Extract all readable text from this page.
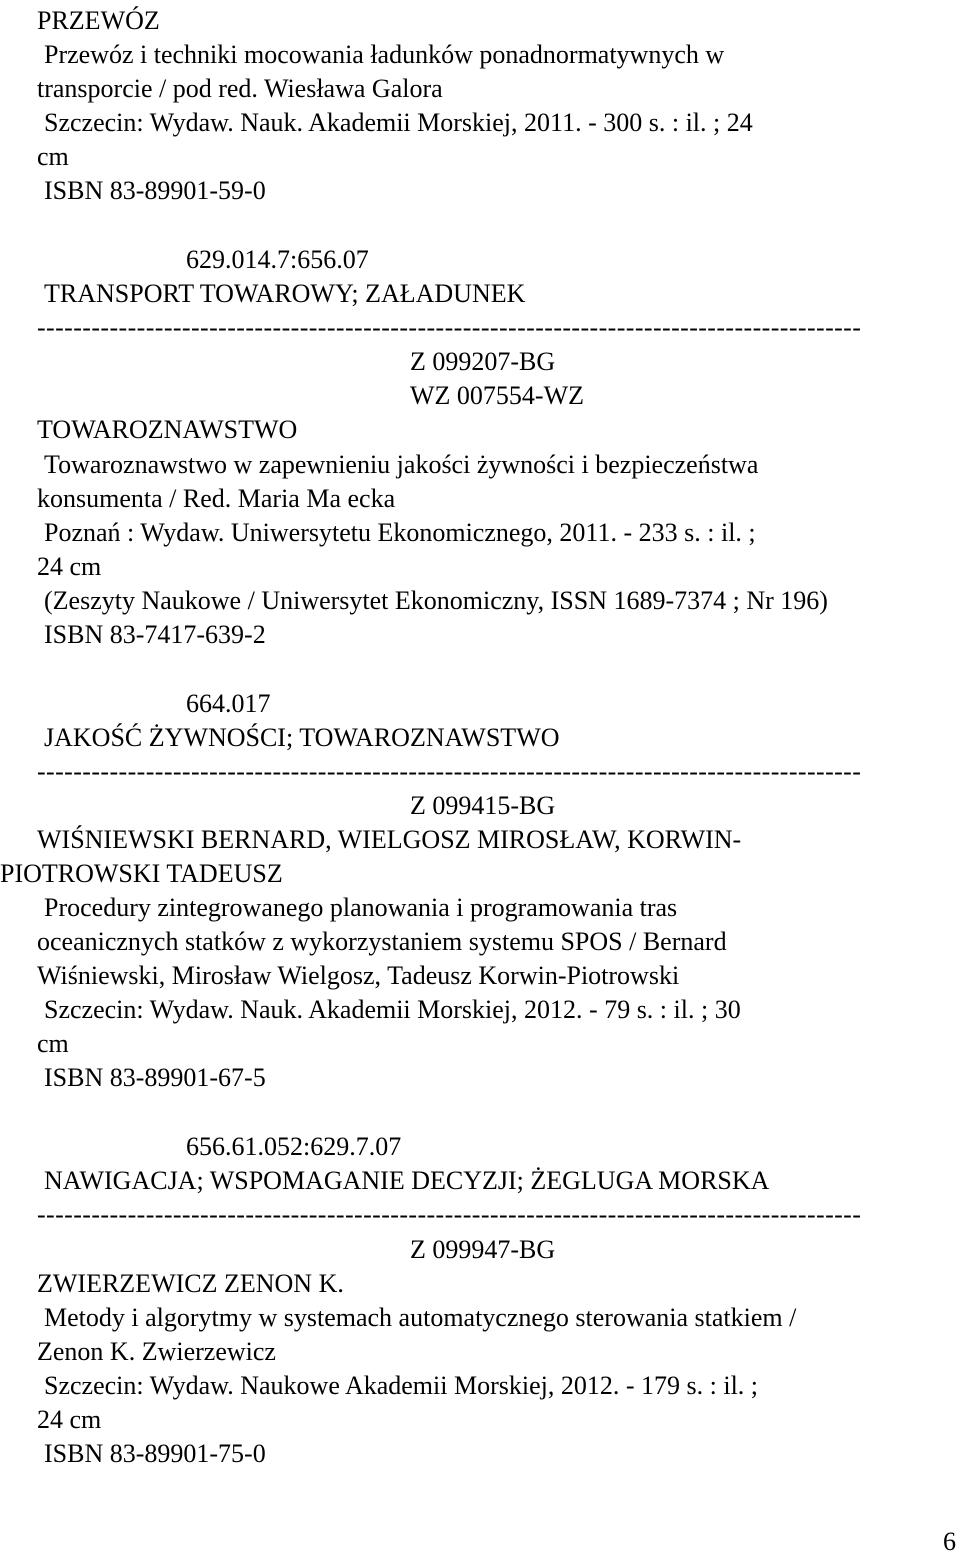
PRZEWÓZ
Przewóz i techniki mocowania ładunków ponadnormatywnych w
transporcie / pod red. Wiesława Galora
Szczecin: Wydaw. Nauk. Akademii Morskiej, 2011. - 300 s. : il. ; 24
cm
ISBN 83-89901-59-0
629.014.7:656.07
TRANSPORT TOWAROWY; ZAŁADUNEK
-------------------------------------------------------------------------------------------
Z 099207-BG
WZ 007554-WZ
TOWAROZNAWSTWO
Towaroznawstwo w zapewnieniu jakości żywności i bezpieczeństwa
konsumenta / Red. Maria Ma ecka
Poznań : Wydaw. Uniwersytetu Ekonomicznego, 2011. - 233 s. : il. ;
24 cm
(Zeszyty Naukowe / Uniwersytet Ekonomiczny, ISSN 1689-7374 ; Nr 196)
ISBN 83-7417-639-2
664.017
JAKOŚĆ ŻYWNOŚCI; TOWAROZNAWSTWO
-------------------------------------------------------------------------------------------
Z 099415-BG
WIŚNIEWSKI BERNARD, WIELGOSZ MIROSŁAW, KORWIN-
PIOTROWSKI TADEUSZ
Procedury zintegrowanego planowania i programowania tras
oceanicznych statków z wykorzystaniem systemu SPOS / Bernard
Wiśniewski, Mirosław Wielgosz, Tadeusz Korwin-Piotrowski
Szczecin: Wydaw. Nauk. Akademii Morskiej, 2012. - 79 s. : il. ; 30
cm
ISBN 83-89901-67-5
656.61.052:629.7.07
NAWIGACJA; WSPOMAGANIE DECYZJI; ŻEGLUGA MORSKA
-------------------------------------------------------------------------------------------
Z 099947-BG
ZWIERZEWICZ ZENON K.
Metody i algorytmy w systemach automatycznego sterowania statkiem /
Zenon K. Zwierzewicz
Szczecin: Wydaw. Naukowe Akademii Morskiej, 2012. - 179 s. : il. ;
24 cm
ISBN 83-89901-75-0
6
